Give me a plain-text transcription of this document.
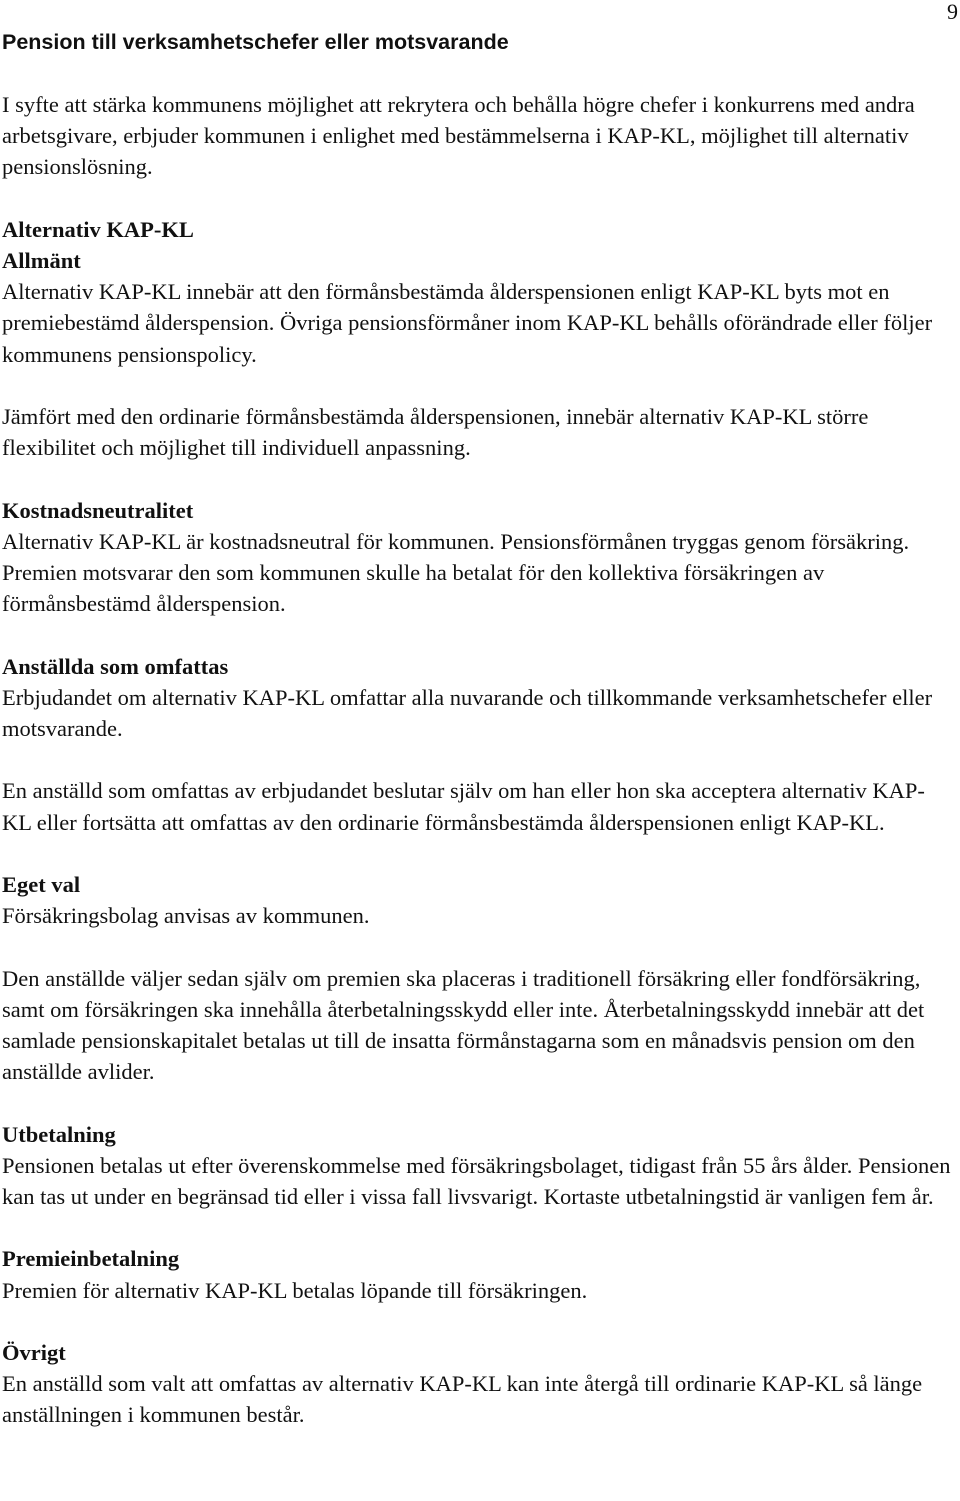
9
Pension till verksamhetschefer eller motsvarande

I syfte att stärka kommunens möjlighet att rekrytera och behålla högre chefer i konkurrens med andra arbetsgivare, erbjuder kommunen i enlighet med bestämmelserna i KAP-KL, möjlighet till alternativ pensionslösning.

Alternativ KAP-KL
Allmänt

Alternativ KAP-KL innebär att den förmånsbestämda ålderspensionen enligt KAP-KL byts mot en premiebestämd ålderspension. Övriga pensionsförmåner inom KAP-KL behålls oförändrade eller följer kommunens pensionspolicy.

Jämfört med den ordinarie förmånsbestämda ålderspensionen, innebär alternativ KAP-KL större flexibilitet och möjlighet till individuell anpassning.

Kostnadsneutralitet

Alternativ KAP-KL är kostnadsneutral för kommunen. Pensionsförmånen tryggas genom försäkring. Premien motsvarar den som kommunen skulle ha betalat för den kollektiva försäkringen av förmånsbestämd ålderspension.

Anställda som omfattas

Erbjudandet om alternativ KAP-KL omfattar alla nuvarande och tillkommande verksamhetschefer eller motsvarande.

En anställd som omfattas av erbjudandet beslutar själv om han eller hon ska acceptera alternativ KAP-KL eller fortsätta att omfattas av den ordinarie förmånsbestämda ålderspensionen enligt KAP-KL.

Eget val

Försäkringsbolag anvisas av kommunen.

Den anställde väljer sedan själv om premien ska placeras i traditionell försäkring eller fondförsäkring, samt om försäkringen ska innehålla återbetalningsskydd eller inte. Återbetalningsskydd innebär att det samlade pensionskapitalet betalas ut till de insatta förmånstagarna som en månadsvis pension om den anställde avlider.

Utbetalning

Pensionen betalas ut efter överenskommelse med försäkringsbolaget, tidigast från 55 års ålder. Pensionen kan tas ut under en begränsad tid eller i vissa fall livsvarigt. Kortaste utbetalningstid är vanligen fem år.

Premieinbetalning

Premien för alternativ KAP-KL betalas löpande till försäkringen.

Övrigt

En anställd som valt att omfattas av alternativ KAP-KL kan inte återgå till ordinarie KAP-KL så länge anställningen i kommunen består.
